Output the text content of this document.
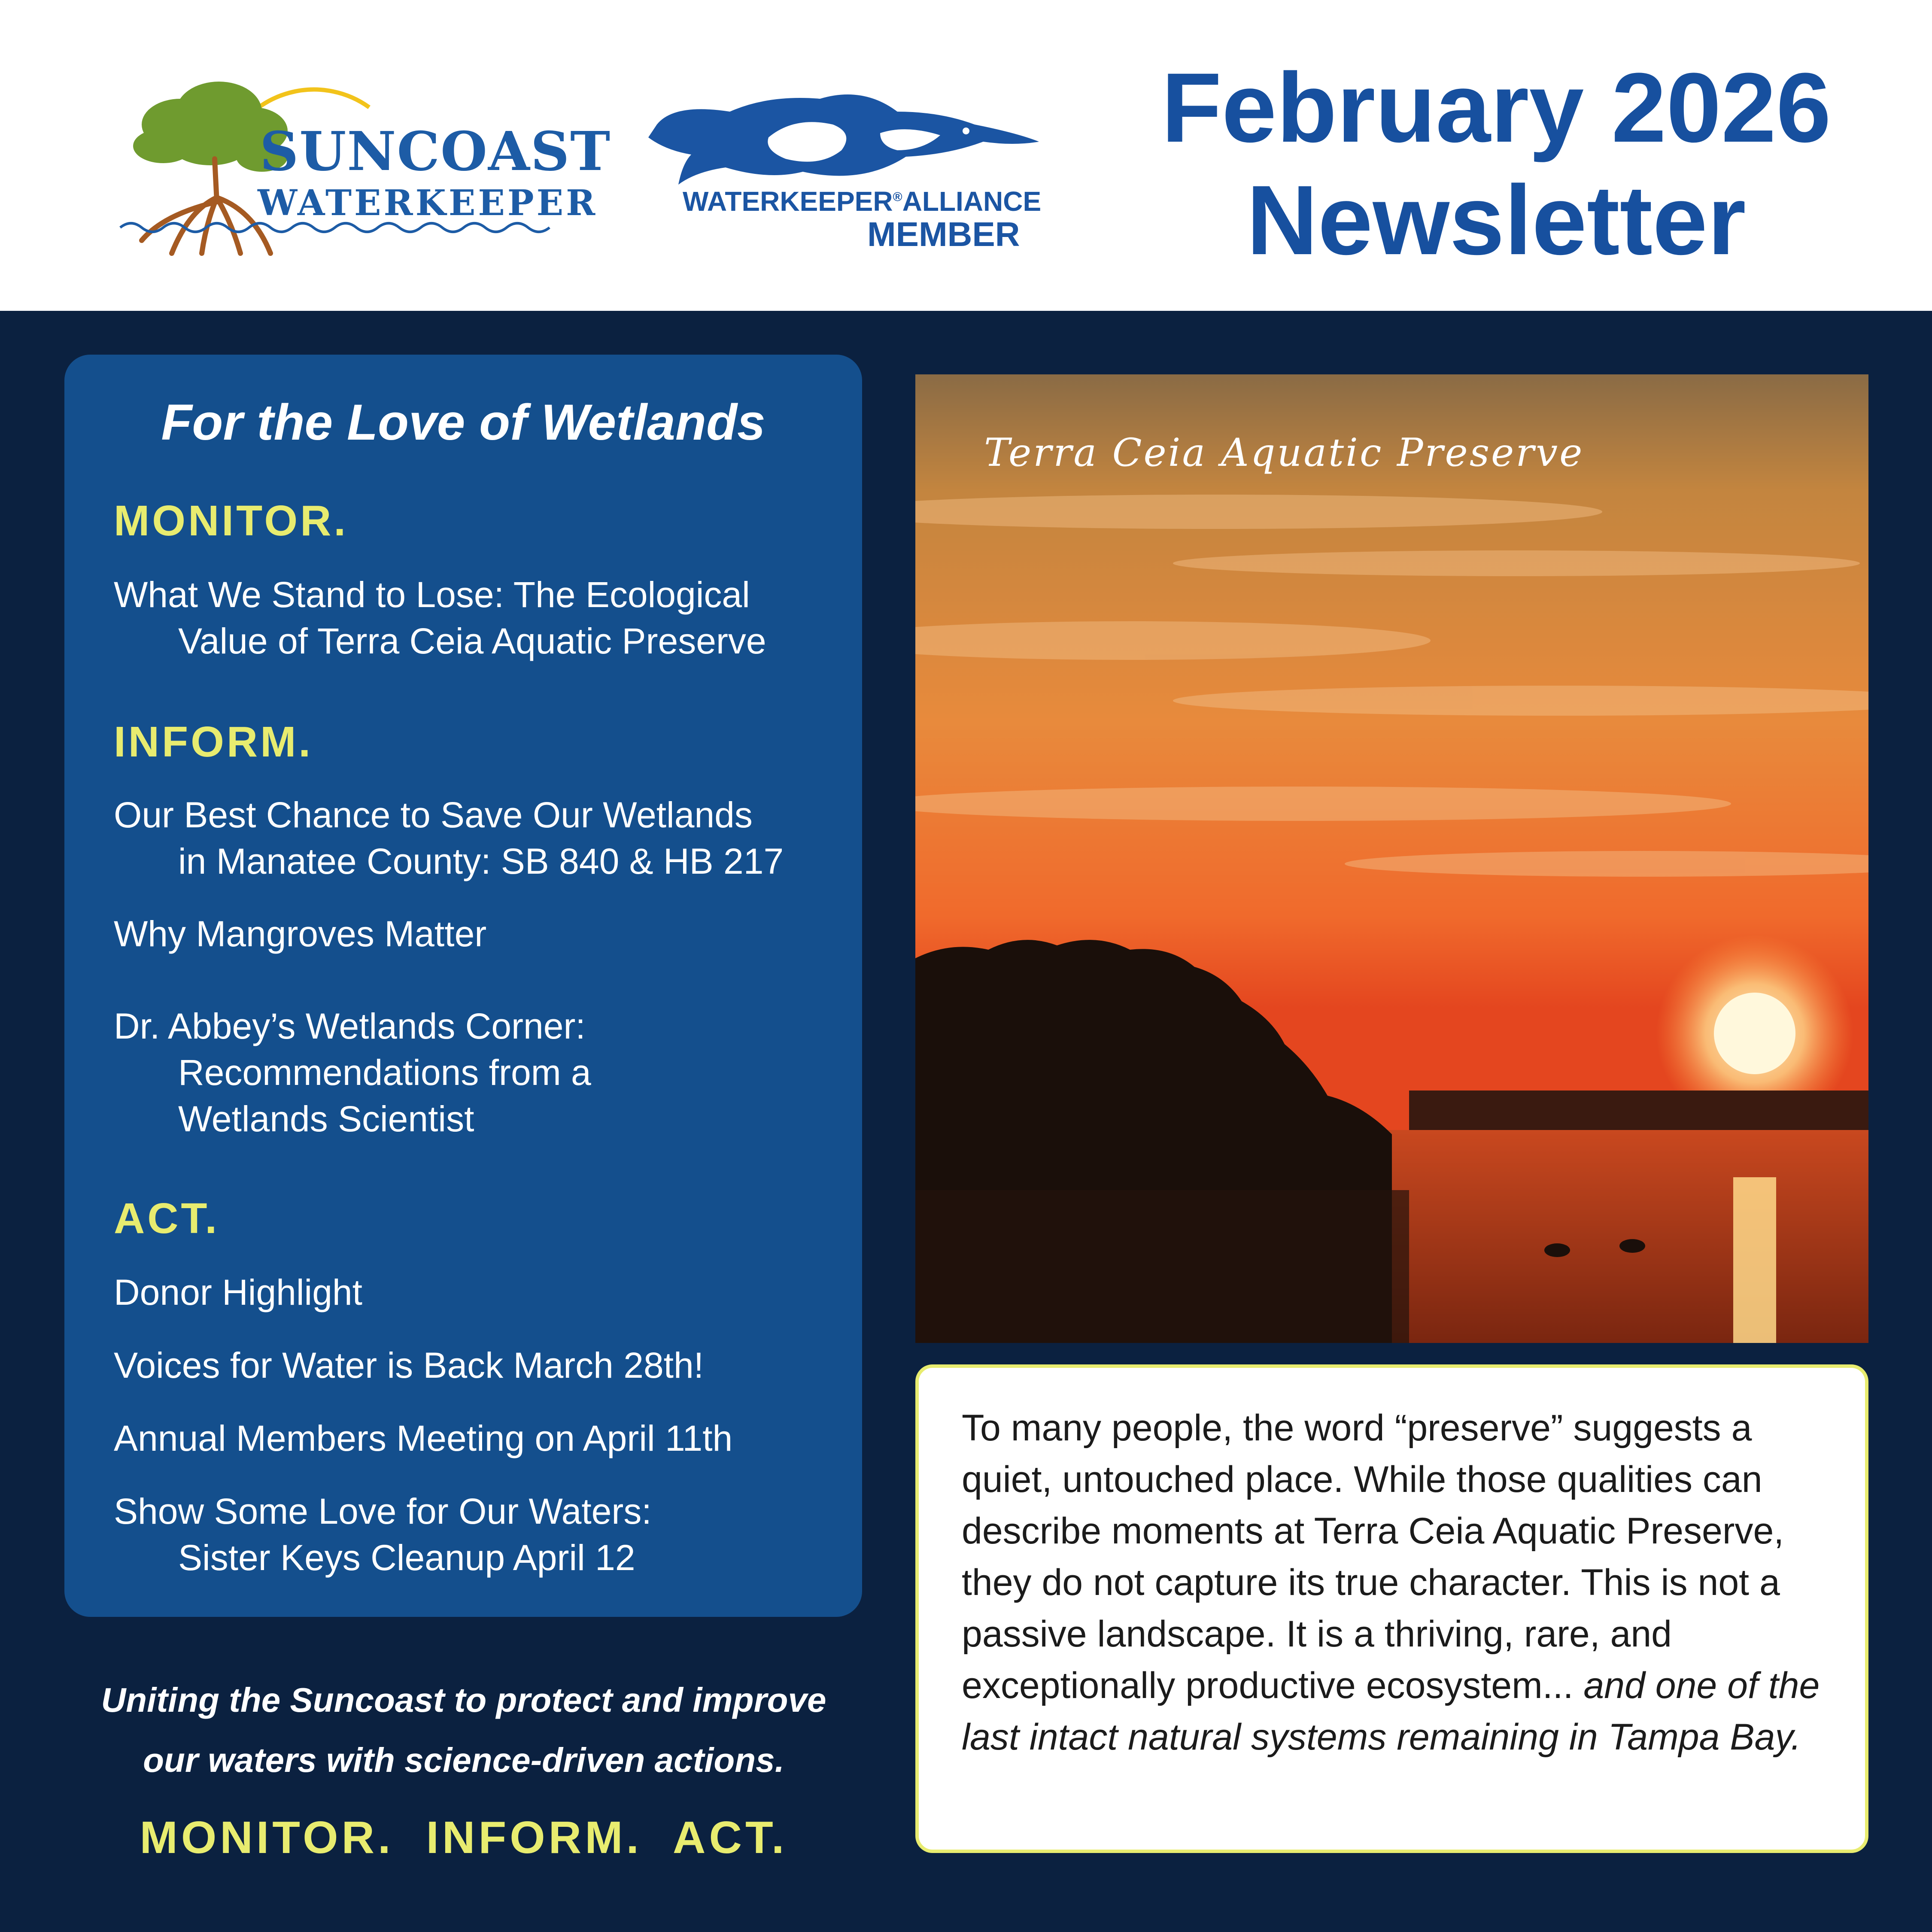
SUNCOAST
WATERKEEPER	WATERKEEPER®ALLIANCE
MEMBER
February 2026
Newsletter
For the Love of Wetlands
MONITOR.
What We Stand to Lose: The Ecological
Value of Terra Ceia Aquatic Preserve
INFORM.
Our Best Chance to Save Our Wetlands
in Manatee County: SB 840 & HB 217
Why Mangroves Matter
Dr. Abbey’s Wetlands Corner:
Recommendations from a
Wetlands Scientist
ACT.
Donor Highlight
Voices for Water is Back March 28th!
Annual Members Meeting on April 11th
Show Some Love for Our Waters:
Sister Keys Cleanup April 12
Uniting the Suncoast to protect and improve
our waters with science-driven actions.
MONITOR.  INFORM.  ACT.
Terra Ceia Aquatic Preserve

To many people, the word “preserve” suggests a quiet, untouched place. While those qualities can describe moments at Terra Ceia Aquatic Preserve, they do not capture its true character. This is not a passive landscape. It is a thriving, rare, and exceptionally productive ecosystem... and one of the last intact natural systems remaining in Tampa Bay.
